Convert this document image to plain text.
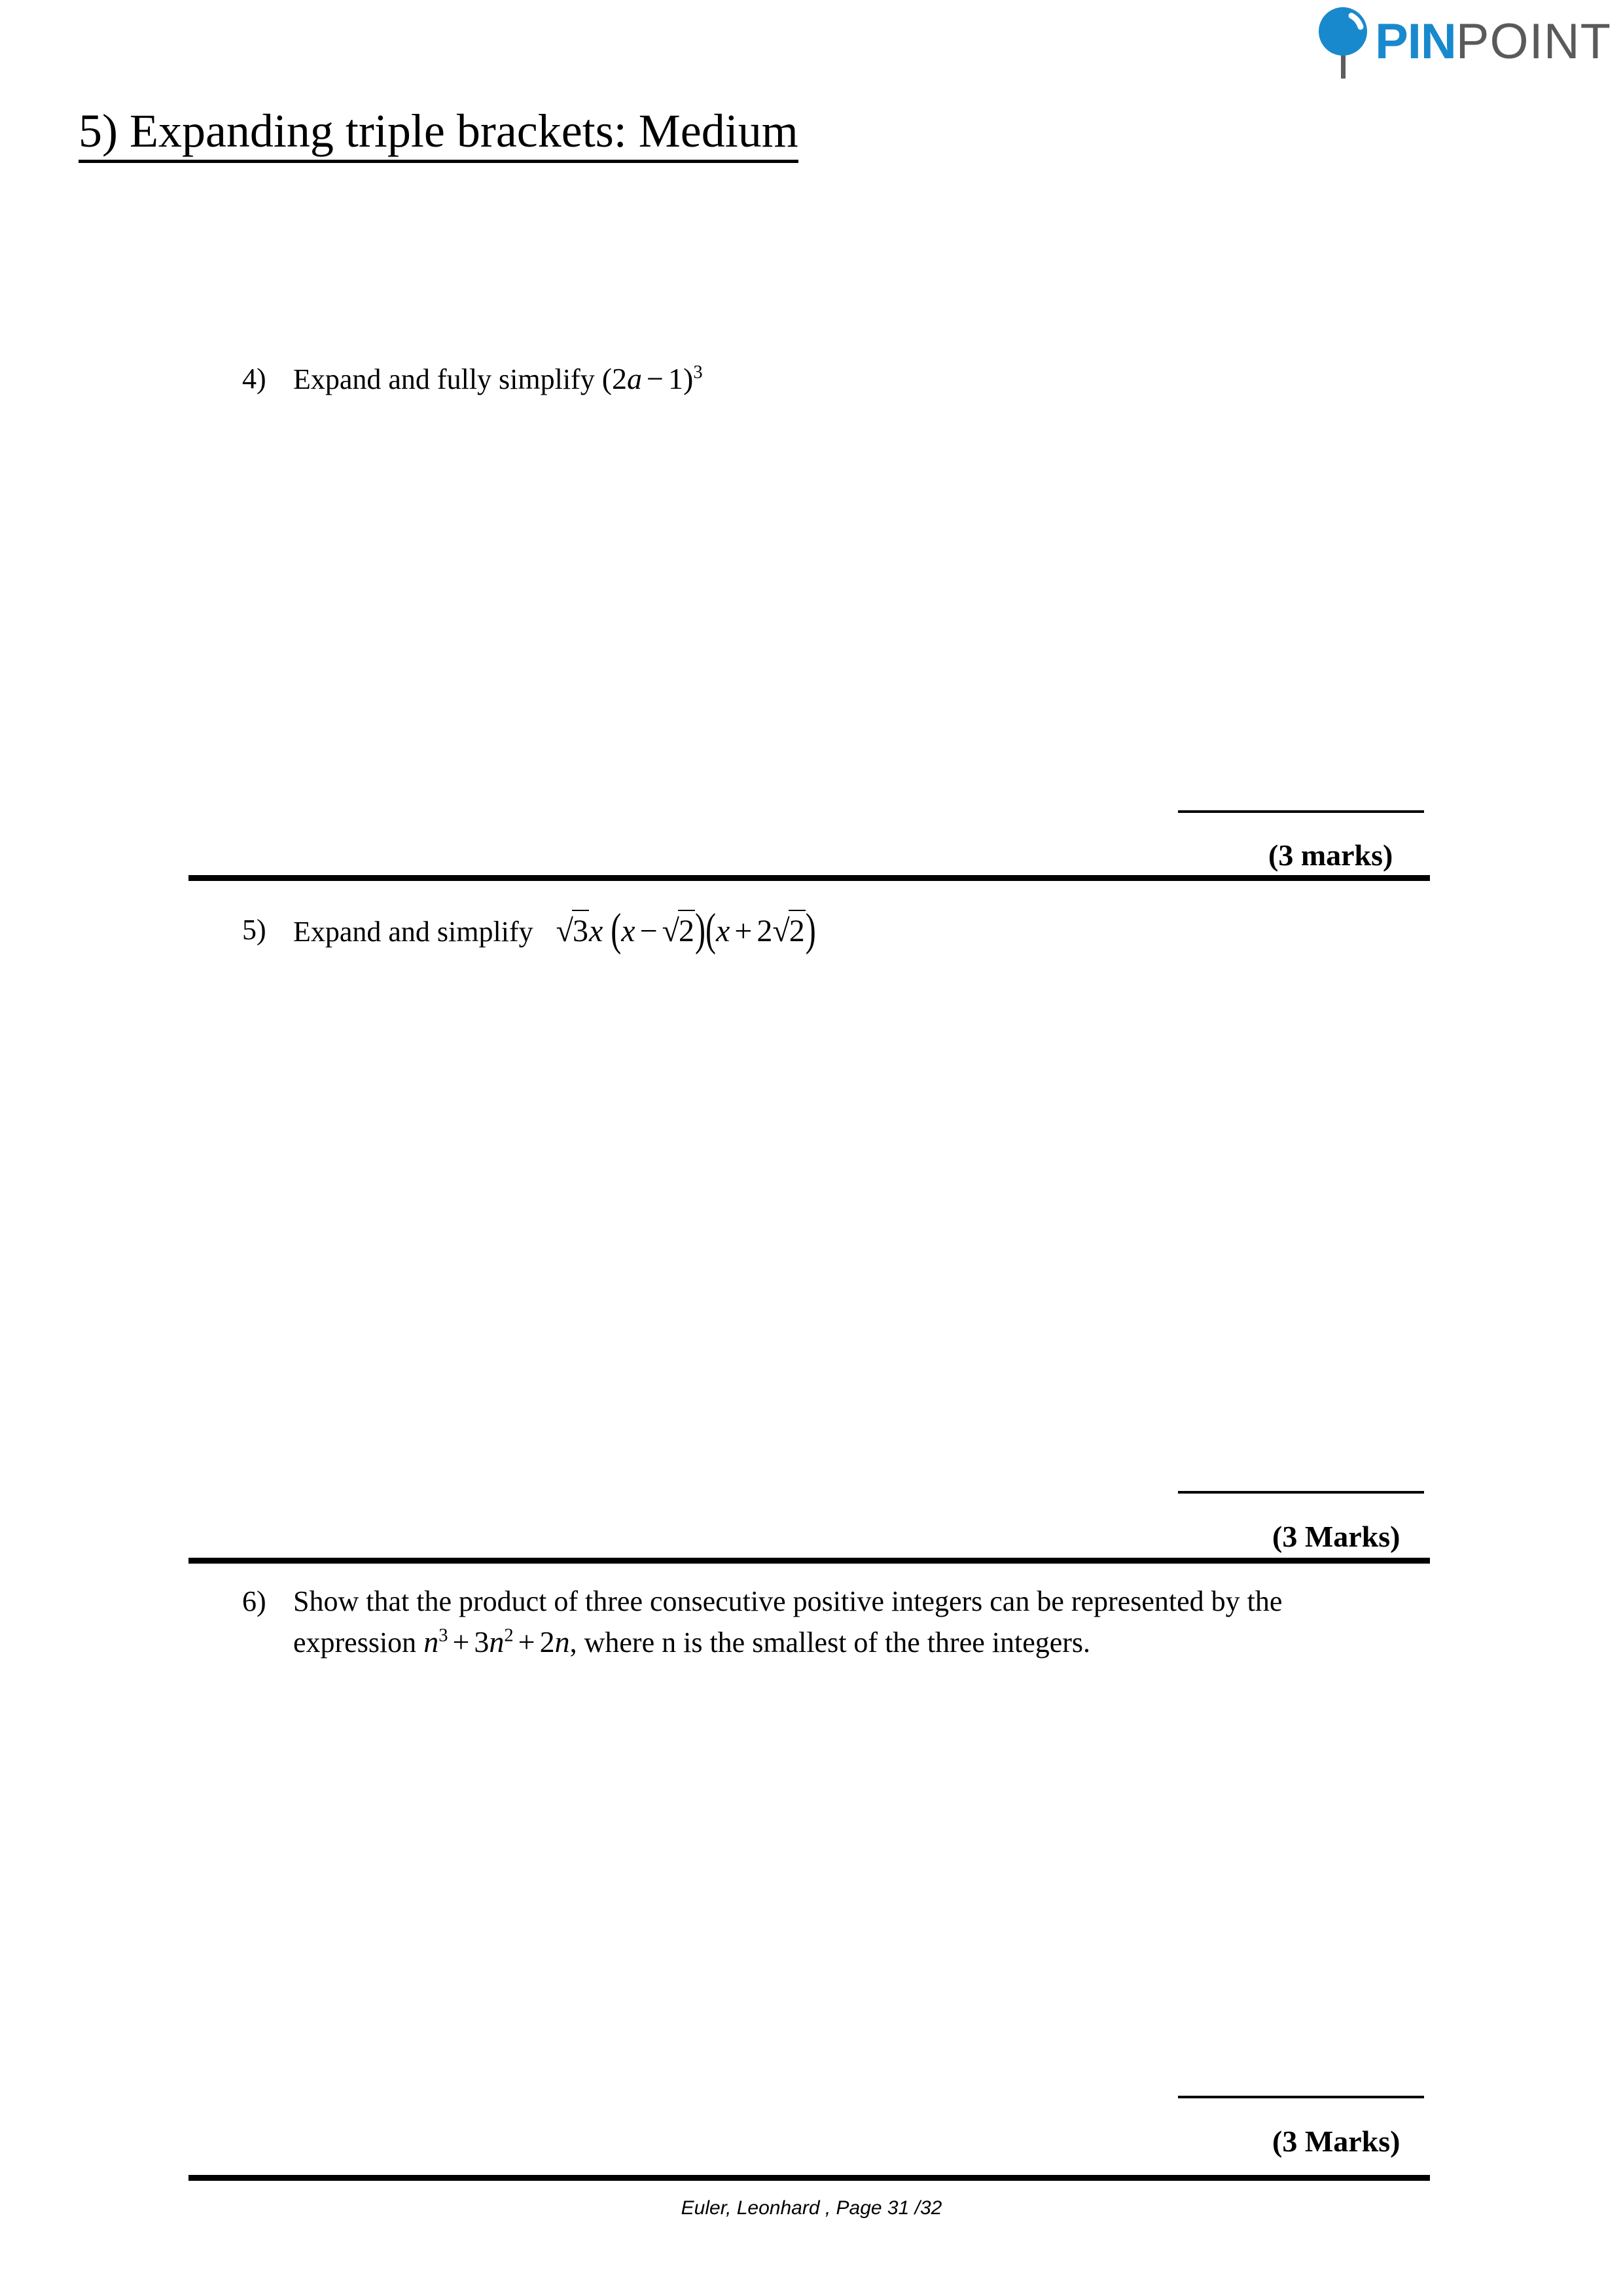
PINPOINT
5) Expanding triple brackets: Medium
4) Expand and fully simplify $(2a - 1)^3$
(3 marks)
5) Expand and simplify √3x (x − √2)(x + 2√2)
(3 Marks)
6) Show that the product of three consecutive positive integers can be represented by the
expression $n^3 + 3n^2 + 2n$, where n is the smallest of the three integers.
(3 Marks)
Euler, Leonhard , Page 31 /32
